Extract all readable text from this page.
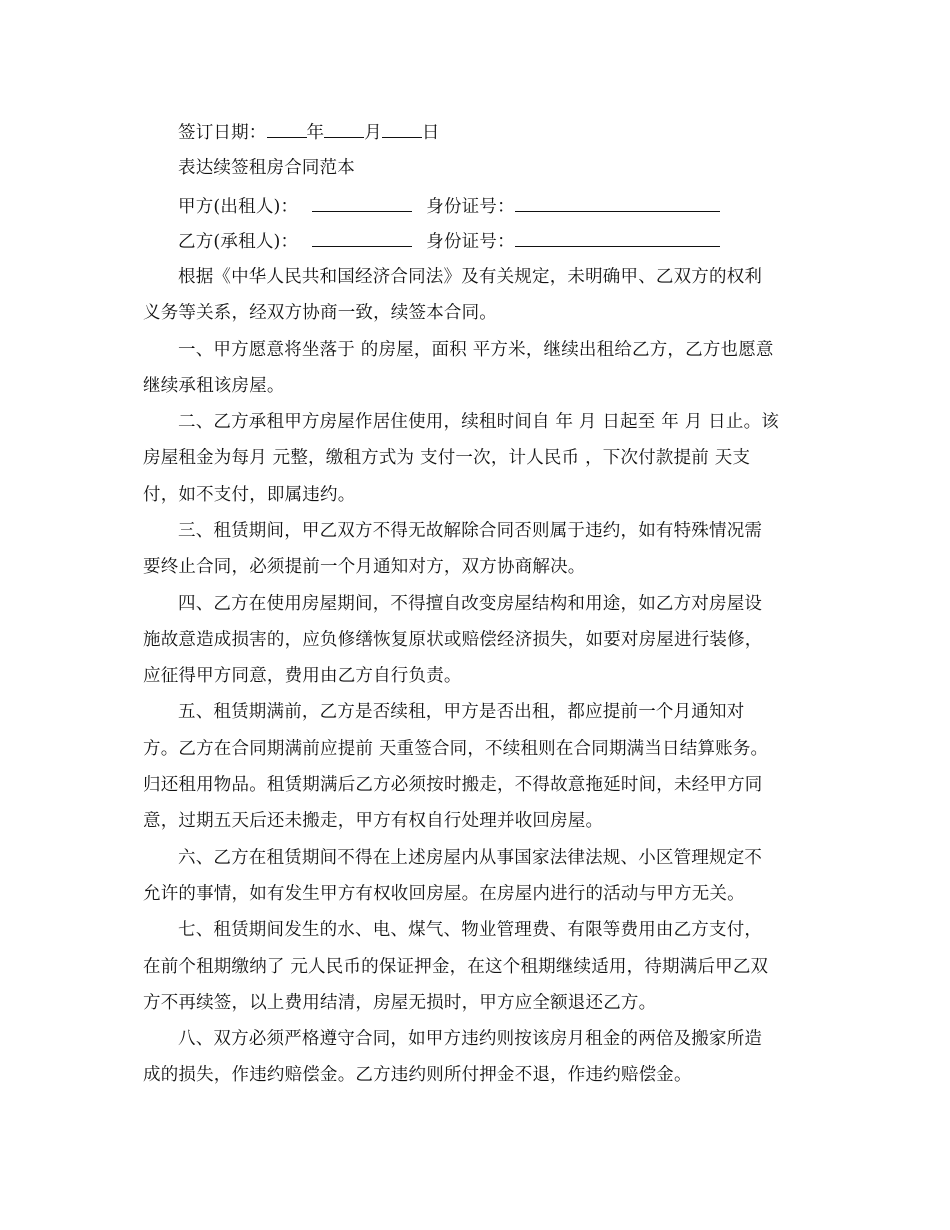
签订日期： 年 月 日
表达续签租房合同范本
甲方(出租人)：	身份证号：
乙方(承租人)：	身份证号：
根据《中华人民共和国经济合同法》及有关规定，未明确甲、乙双方的权利
义务等关系，经双方协商一致，续签本合同。
一、甲方愿意将坐落于 的房屋，面积 平方米，继续出租给乙方，乙方也愿意
继续承租该房屋。
二、乙方承租甲方房屋作居住使用，续租时间自 年 月 日起至 年 月 日止。该
房屋租金为每月 元整，缴租方式为 支付一次，计人民币 ，下次付款提前 天支
付，如不支付，即属违约。
三、租赁期间，甲乙双方不得无故解除合同否则属于违约，如有特殊情况需
要终止合同，必须提前一个月通知对方，双方协商解决。
四、乙方在使用房屋期间，不得擅自改变房屋结构和用途，如乙方对房屋设
施故意造成损害的，应负修缮恢复原状或赔偿经济损失，如要对房屋进行装修，
应征得甲方同意，费用由乙方自行负责。
五、租赁期满前，乙方是否续租，甲方是否出租，都应提前一个月通知对
方。乙方在合同期满前应提前 天重签合同，不续租则在合同期满当日结算账务。
归还租用物品。租赁期满后乙方必须按时搬走，不得故意拖延时间，未经甲方同
意，过期五天后还未搬走，甲方有权自行处理并收回房屋。
六、乙方在租赁期间不得在上述房屋内从事国家法律法规、小区管理规定不
允许的事情，如有发生甲方有权收回房屋。在房屋内进行的活动与甲方无关。
七、租赁期间发生的水、电、煤气、物业管理费、有限等费用由乙方支付，
在前个租期缴纳了 元人民币的保证押金，在这个租期继续适用，待期满后甲乙双
方不再续签，以上费用结清，房屋无损时，甲方应全额退还乙方。
八、双方必须严格遵守合同，如甲方违约则按该房月租金的两倍及搬家所造
成的损失，作违约赔偿金。乙方违约则所付押金不退，作违约赔偿金。
